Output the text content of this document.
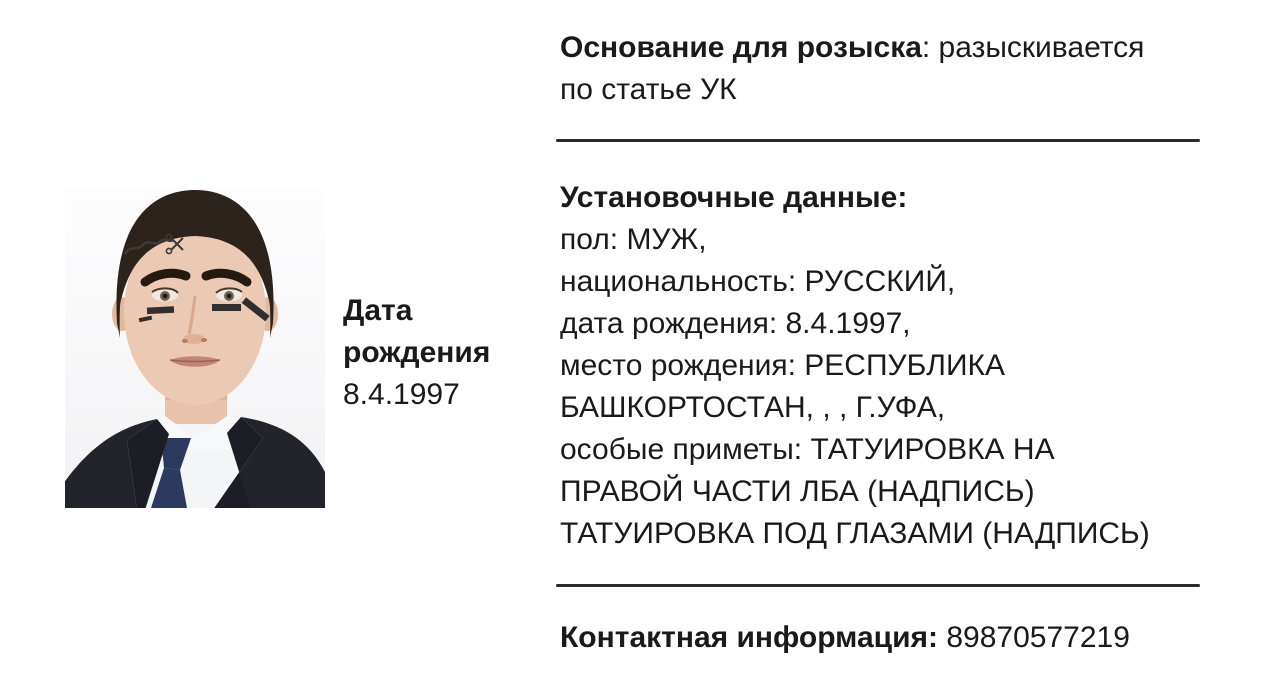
Дата рождения
8.4.1997
Основание для розыска: разыскивается
по статье УК
Установочные данные:
пол: МУЖ,
национальность: РУССКИЙ,
дата рождения: 8.4.1997,
место рождения: РЕСПУБЛИКА
БАШКОРТОСТАН, , , Г.УФА,
особые приметы: ТАТУИРОВКА НА
ПРАВОЙ ЧАСТИ ЛБА (НАДПИСЬ)
ТАТУИРОВКА ПОД ГЛАЗАМИ (НАДПИСЬ)
Контактная информация: 89870577219
